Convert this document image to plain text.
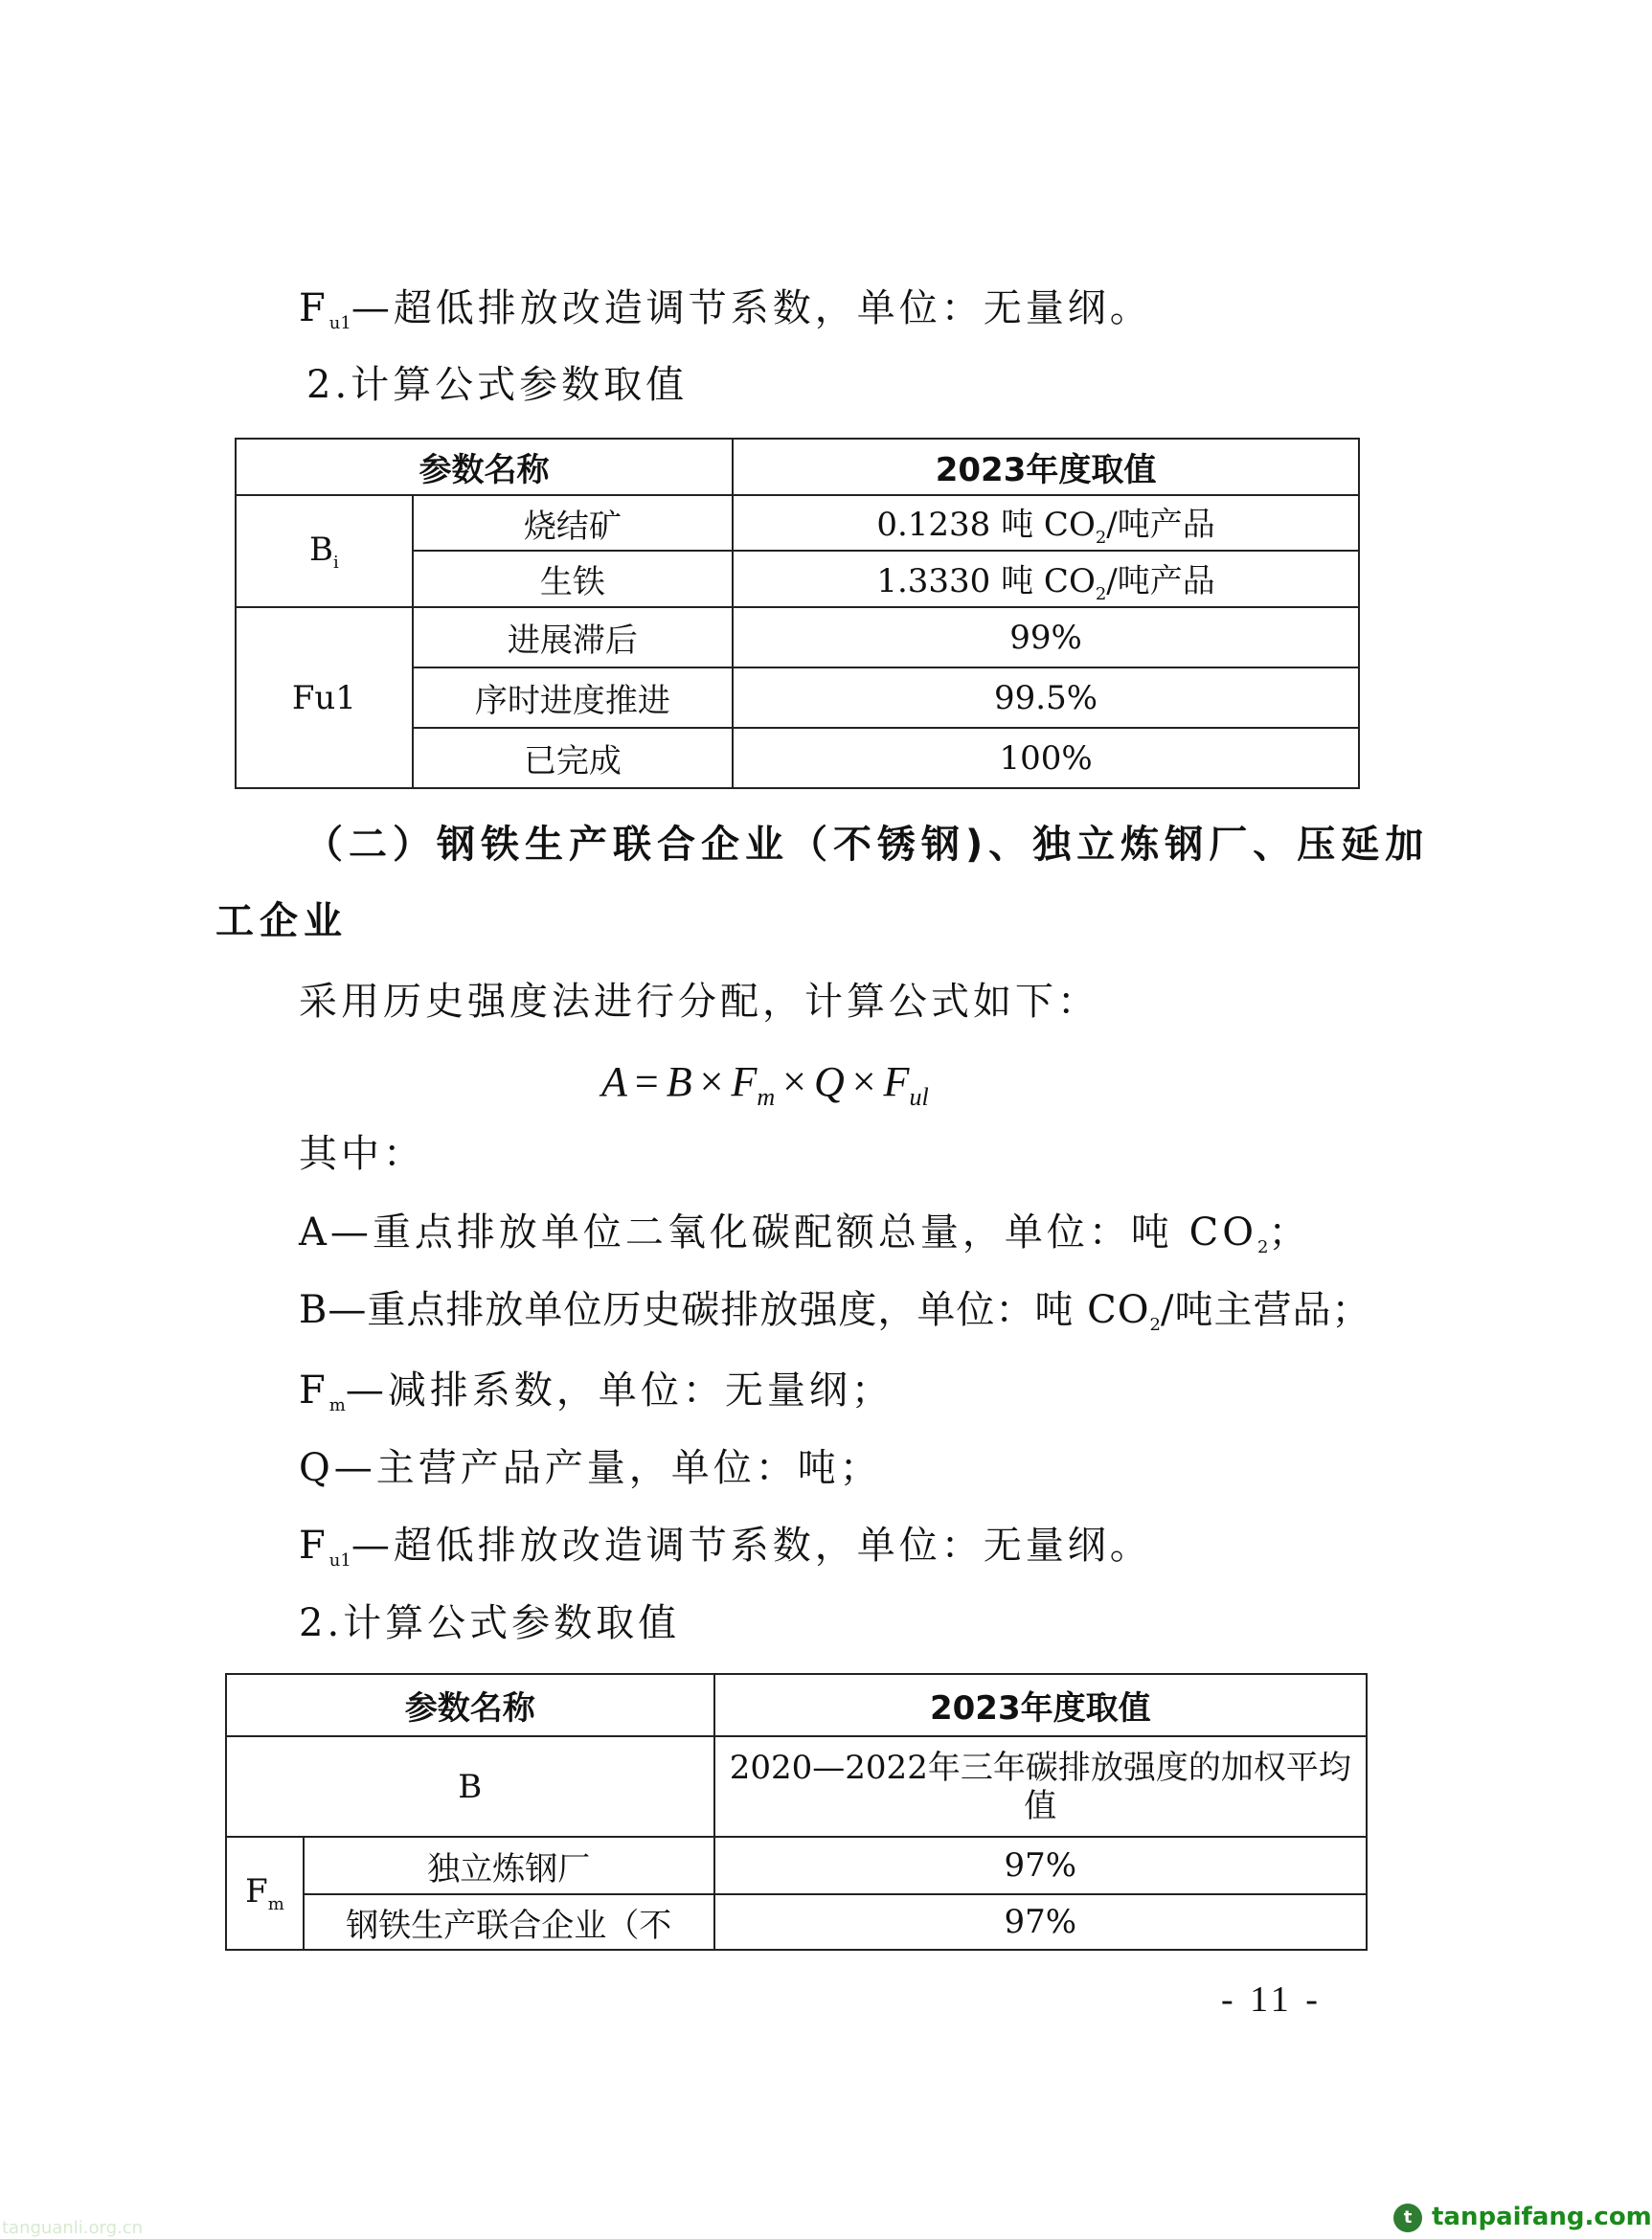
$F_{u1}—$超低排放改造调节系数，单位：无量纲。
2.计算公式参数取值
参数名称	2023年度取值
$B_i$	烧结矿	0.1238 吨 $CO_2/$吨产品
生铁	1.3330 吨 $CO_2/$吨产品
Fu1	进展滞后	99%
序时进度推进	99.5%
已完成	100%
（二）钢铁生产联合企业（不锈钢)、独立炼钢厂、压延加
工企业
采用历史强度法进行分配，计算公式如下：
$A = B \times F_m \times Q \times F_{ul}$
其中：
A—重点排放单位二氧化碳配额总量，单位：吨 $CO_2$；
B—重点排放单位历史碳排放强度，单位：吨 $CO_2/$吨主营品；
$F_m—$减排系数，单位：无量纲；
Q—主营产品产量，单位：吨；
$F_{u1}—$超低排放改造调节系数，单位：无量纲。
2.计算公式参数取值
参数名称	2023年度取值
B	2020—2022年三年碳排放强度的加权平均值
$F_m$	独立炼钢厂	97%
钢铁生产联合企业（不	97%
- 11 -
t tanpaifang.com
tanguanli.org.cn
